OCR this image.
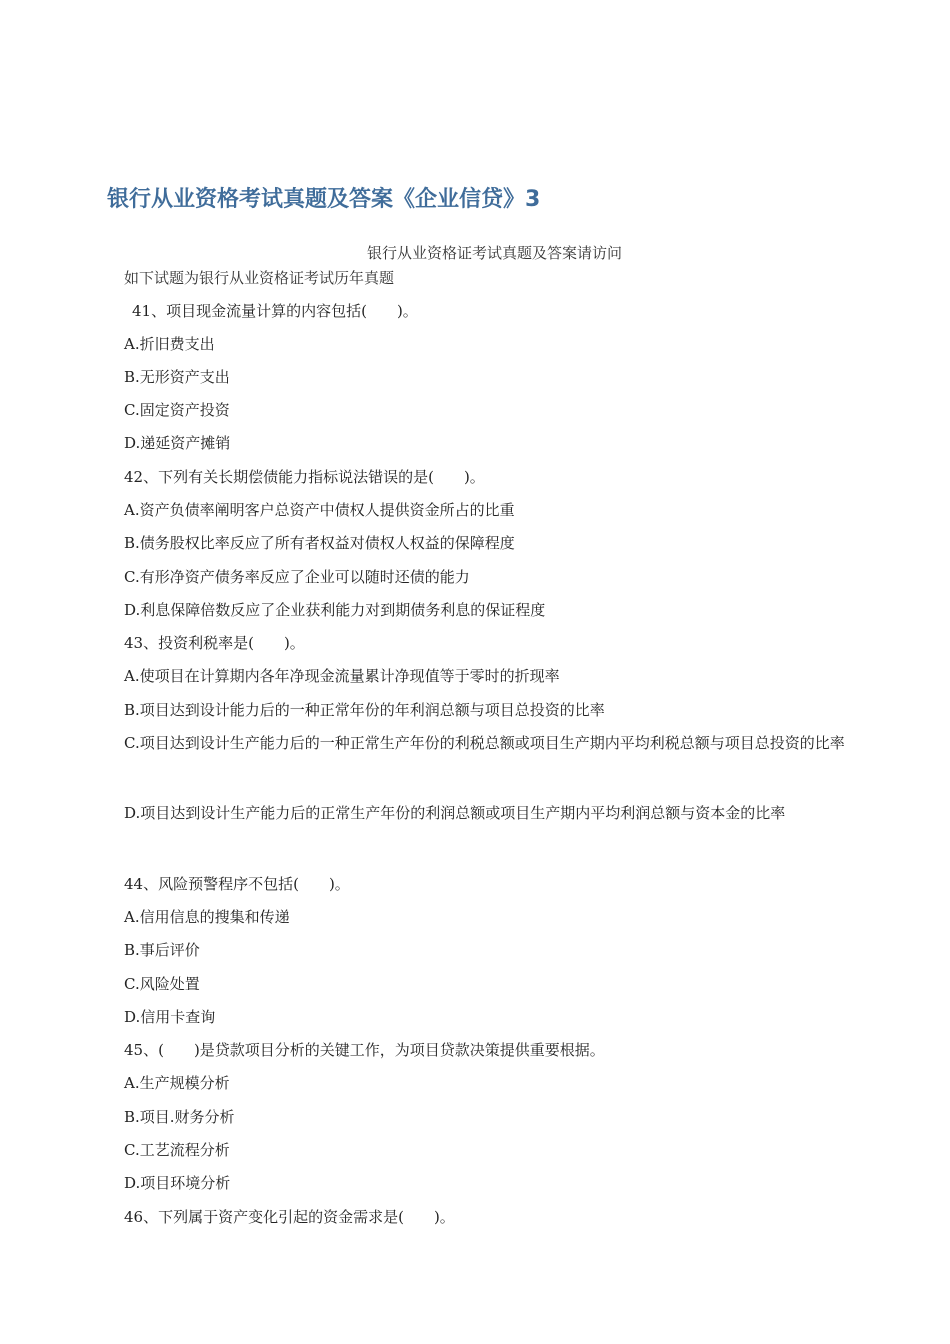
银行从业资格考试真题及答案《企业信贷》3
银行从业资格证考试真题及答案请访问
如下试题为银行从业资格证考试历年真题
41、项目现金流量计算的内容包括(　　)。
A.折旧费支出
B.无形资产支出
C.固定资产投资
D.递延资产摊销
42、下列有关长期偿债能力指标说法错误的是(　　)。
A.资产负债率阐明客户总资产中债权人提供资金所占的比重
B.债务股权比率反应了所有者权益对债权人权益的保障程度
C.有形净资产债务率反应了企业可以随时还债的能力
D.利息保障倍数反应了企业获利能力对到期债务利息的保证程度
43、投资利税率是(　　)。
A.使项目在计算期内各年净现金流量累计净现值等于零时的折现率
B.项目达到设计能力后的一种正常年份的年利润总额与项目总投资的比率
C.项目达到设计生产能力后的一种正常生产年份的利税总额或项目生产期内平均利税总额与项目总投资的比率
D.项目达到设计生产能力后的正常生产年份的利润总额或项目生产期内平均利润总额与资本金的比率
44、风险预警程序不包括(　　)。
A.信用信息的搜集和传递
B.事后评价
C.风险处置
D.信用卡查询
45、(　　)是贷款项目分析的关键工作，为项目贷款决策提供重要根据。
A.生产规模分析
B.项目.财务分析
C.工艺流程分析
D.项目环境分析
46、下列属于资产变化引起的资金需求是(　　)。
